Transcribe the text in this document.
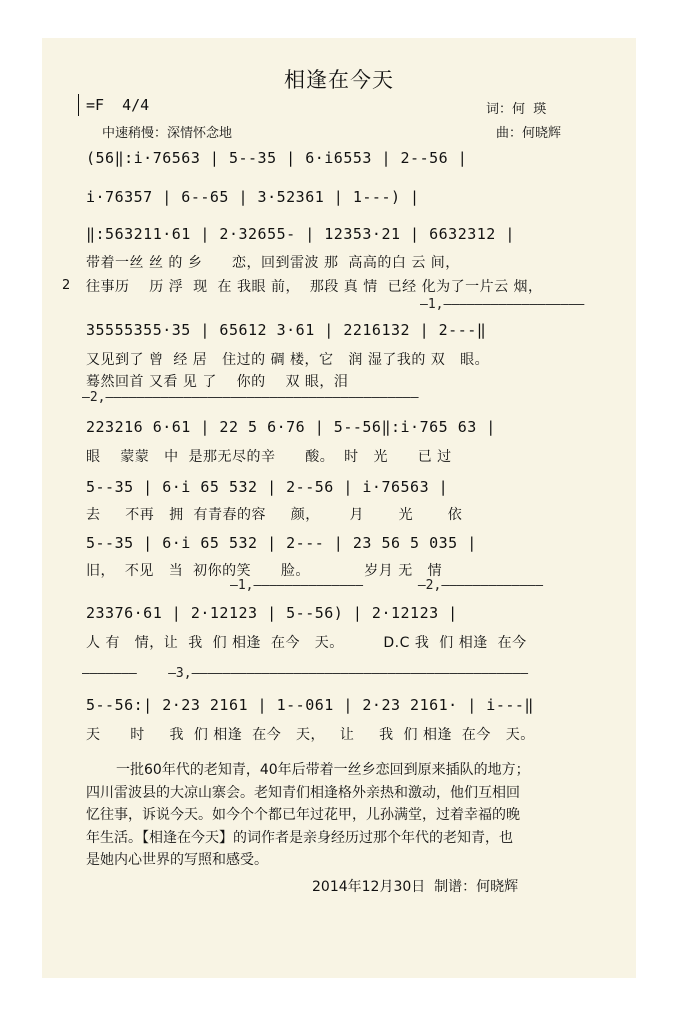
相逢在今天
=F  4/4	词：何  瑛
中速稍慢：深情怀念地	曲：何晓辉
(56‖:i·76563 | 5--35 | 6·i6553 | 2--56 |
i·76357 | 6--65 | 3·52361 | 1---) |
‖:563211·61 | 2·32655- | 12353·21 | 6632312 |
带着一丝 丝 的 乡      恋，回到雷波 那  高高的白 云 间，
2 往事历    历 浮  现  在 我眼 前，  那段 真 情  已经 化为了一片云 烟，
—1,——————————————————
35555355·35 | 65612 3·61 | 2216132 | 2---‖
又见到了 曾  经 居   住过的 碉 楼，它   润 湿了我的 双   眼。
蓦然回首 又看 见 了    你的    双 眼，泪
—2,————————————————————————————————————————
223216 6·61 | 22 5 6·76 | 5--56‖:i·765 63 |
眼    蒙蒙   中  是那无尽的辛      酸。  时   光      已 过
5--35 | 6·i 65 532 | 2--56 | i·76563 |
去     不再   拥  有青春的容     颜，      月       光       依
5--35 | 6·i 65 532 | 2--- | 23 56 5 035 |
旧，  不见   当  初你的笑      脸。           岁月 无   情
—1,——————————————       —2,—————————————
23376·61 | 2·12123 | 5--56) | 2·12123 |
人 有   情，让  我  们 相逢  在今   天。        D.C 我  们 相逢  在今
———————    —3,———————————————————————————————————————————
5--56:| 2·23 2161 | 1--061 | 2·23 2161· | i---‖
天      时     我  们 相逢  在今   天，   让     我  们 相逢  在今   天。

一批60年代的老知青，40年后带着一丝乡恋回到原来插队的地方；

四川雷波县的大凉山寨会。老知青们相逢格外亲热和激动，他们互相回

忆往事，诉说今天。如今个个都已年过花甲，儿孙满堂，过着幸福的晚

年生活。【相逢在今天】的词作者是亲身经历过那个年代的老知青，也

是她内心世界的写照和感受。

2014年12月30日  制谱：何晓辉
